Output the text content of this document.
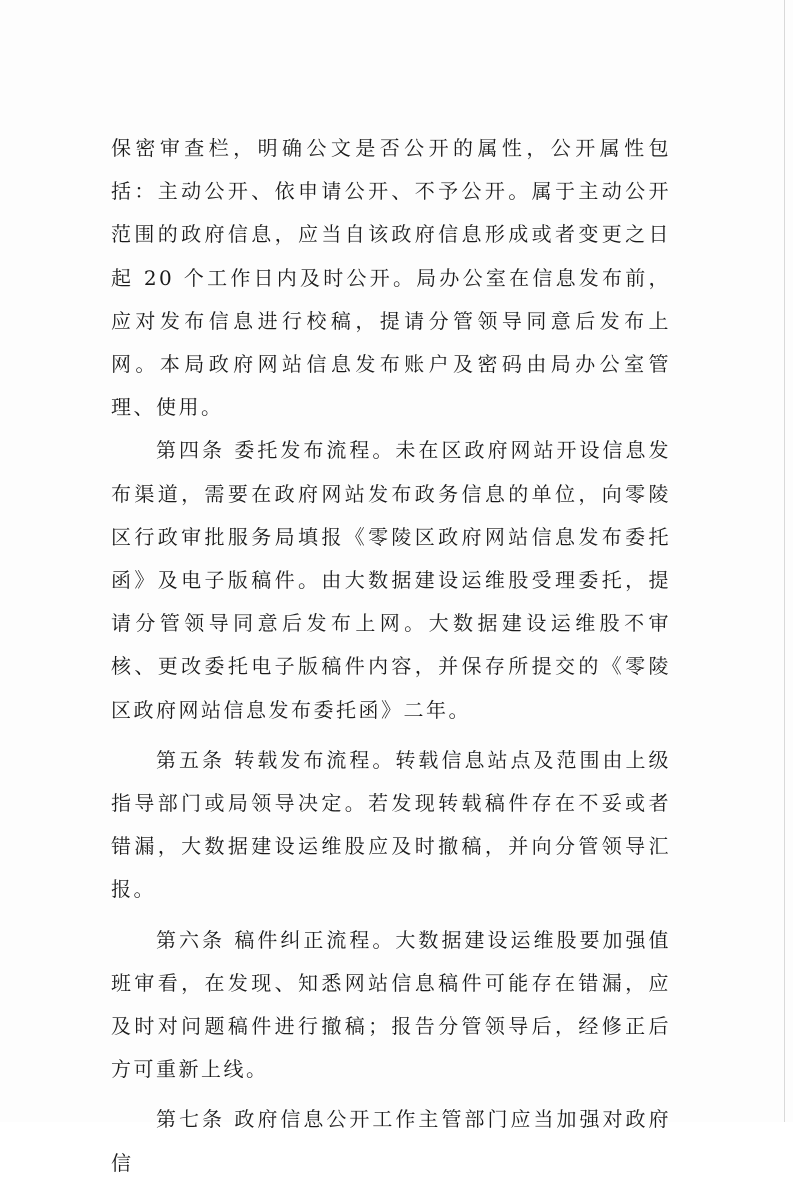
保密审查栏，明确公文是否公开的属性，公开属性包括：主动公开、依申请公开、不予公开。属于主动公开范围的政府信息，应当自该政府信息形成或者变更之日起 20 个工作日内及时公开。局办公室在信息发布前，应对发布信息进行校稿，提请分管领导同意后发布上网。本局政府网站信息发布账户及密码由局办公室管理、使用。

第四条 委托发布流程。未在区政府网站开设信息发布渠道，需要在政府网站发布政务信息的单位，向零陵区行政审批服务局填报《零陵区政府网站信息发布委托函》及电子版稿件。由大数据建设运维股受理委托，提请分管领导同意后发布上网。大数据建设运维股不审核、更改委托电子版稿件内容，并保存所提交的《零陵区政府网站信息发布委托函》二年。

第五条 转载发布流程。转载信息站点及范围由上级指导部门或局领导决定。若发现转载稿件存在不妥或者错漏，大数据建设运维股应及时撤稿，并向分管领导汇报。

第六条 稿件纠正流程。大数据建设运维股要加强值班审看，在发现、知悉网站信息稿件可能存在错漏，应及时对问题稿件进行撤稿；报告分管领导后，经修正后方可重新上线。

第七条 政府信息公开工作主管部门应当加强对政府信
